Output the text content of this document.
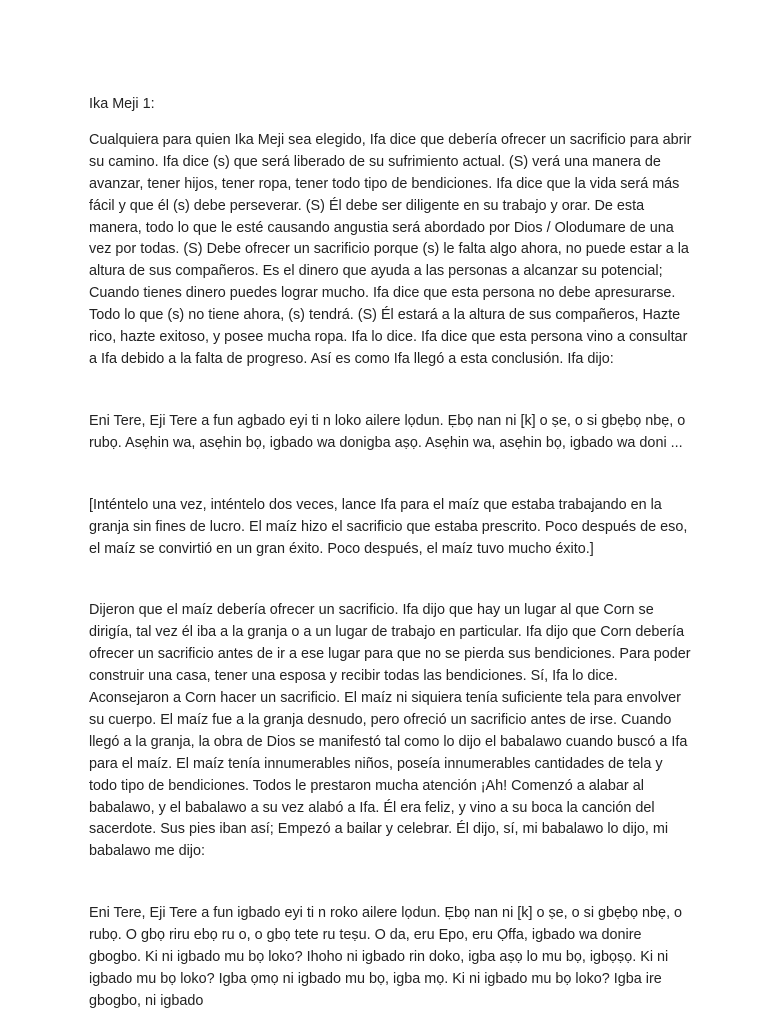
Ika Meji 1:

Cualquiera para quien Ika Meji sea elegido, Ifa dice que debería ofrecer un sacrificio para abrir su camino. Ifa dice (s) que será liberado de su sufrimiento actual. (S) verá una manera de avanzar, tener hijos, tener ropa, tener todo tipo de bendiciones. Ifa dice que la vida será más fácil y que él (s) debe perseverar. (S) Él debe ser diligente en su trabajo y orar. De esta manera, todo lo que le esté causando angustia será abordado por Dios / Olodumare de una vez por todas. (S) Debe ofrecer un sacrificio porque (s) le falta algo ahora, no puede estar a la altura de sus compañeros. Es el dinero que ayuda a las personas a alcanzar su potencial; Cuando tienes dinero puedes lograr mucho. Ifa dice que esta persona no debe apresurarse. Todo lo que (s) no tiene ahora, (s) tendrá. (S) Él estará a la altura de sus compañeros, Hazte rico, hazte exitoso, y posee mucha ropa. Ifa lo dice. Ifa dice que esta persona vino a consultar a Ifa debido a la falta de progreso. Así es como Ifa llegó a esta conclusión. Ifa dijo:

Eni Tere, Eji Tere a fun agbado eyi ti n loko ailere lọdun. Ẹbọ nan ni [k] o ṣe, o si gbẹbọ nbẹ, o rubọ. Asẹhin wa, asẹhin bọ, igbado wa donigba aṣọ. Asẹhin wa, asẹhin bọ, igbado wa doni ...

[Inténtelo una vez, inténtelo dos veces, lance Ifa para el maíz que estaba trabajando en la granja sin fines de lucro. El maíz hizo el sacrificio que estaba prescrito. Poco después de eso, el maíz se convirtió en un gran éxito. Poco después, el maíz tuvo mucho éxito.]

Dijeron que el maíz debería ofrecer un sacrificio. Ifa dijo que hay un lugar al que Corn se dirigía, tal vez él iba a la granja o a un lugar de trabajo en particular. Ifa dijo que Corn debería ofrecer un sacrificio antes de ir a ese lugar para que no se pierda sus bendiciones. Para poder construir una casa, tener una esposa y recibir todas las bendiciones. Sí, Ifa lo dice. Aconsejaron a Corn hacer un sacrificio. El maíz ni siquiera tenía suficiente tela para envolver su cuerpo. El maíz fue a la granja desnudo, pero ofreció un sacrificio antes de irse. Cuando llegó a la granja, la obra de Dios se manifestó tal como lo dijo el babalawo cuando buscó a Ifa para el maíz. El maíz tenía innumerables niños, poseía innumerables cantidades de tela y todo tipo de bendiciones. Todos le prestaron mucha atención ¡Ah! Comenzó a alabar al babalawo, y el babalawo a su vez alabó a Ifa. Él era feliz, y vino a su boca la canción del sacerdote. Sus pies iban así; Empezó a bailar y celebrar. Él dijo, sí, mi babalawo lo dijo, mi babalawo me dijo:

Eni Tere, Eji Tere a fun igbado eyi ti n roko ailere lọdun. Ẹbọ nan ni [k] o ṣe, o si gbẹbọ nbẹ, o rubọ. O gbọ riru ebọ ru o, o gbọ tete ru teṣu. O da, eru Epo, eru Ọffa, igbado wa donire gbogbo. Ki ni igbado mu bọ loko? Ihoho ni igbado rin doko, igba aṣọ lo mu bọ, igbọṣọ. Ki ni igbado mu bọ loko? Igba ọmọ ni igbado mu bọ, igba mọ. Ki ni igbado mu bọ loko? Igba ire gbogbo, ni igbado
